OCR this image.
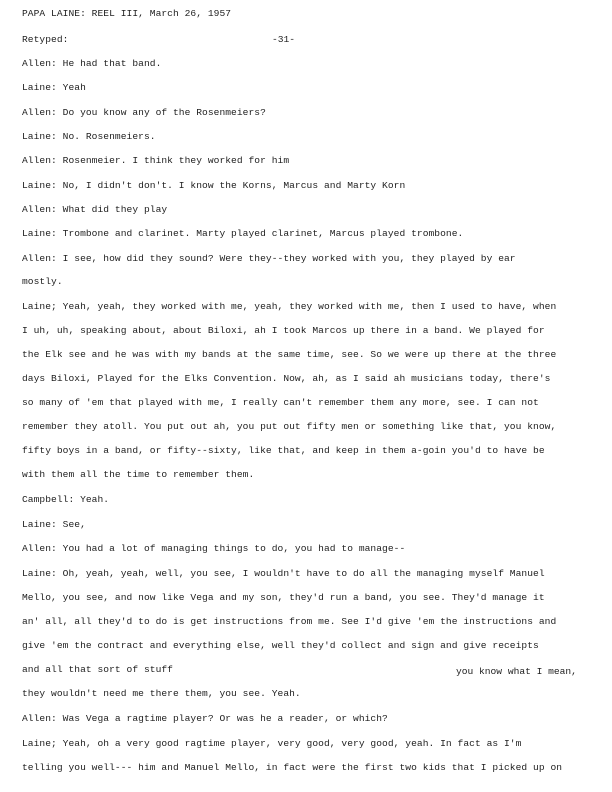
PAPA LAINE: REEL III, March 26, 1957
Retyped:	-31-
Allen: He had that band.
Laine: Yeah
Allen: Do you know any of the Rosenmeiers?
Laine: No. Rosenmeiers.
Allen: Rosenmeier. I think they worked for him
Laine: No, I didn't don't. I know the Korns, Marcus and Marty Korn
Allen: What did they play
Laine: Trombone and clarinet. Marty played clarinet, Marcus played trombone.
Allen: I see, how did they sound? Were they--they worked with you, they played by ear
mostly.
Laine; Yeah, yeah, they worked with me, yeah, they worked with me, then I used to have, when
I uh, uh, speaking about, about Biloxi, ah I took Marcos up there in a band. We played for
the Elk see and he was with my bands at the same time, see. So we were up there at the three
days Biloxi, Played for the Elks Convention. Now, ah, as I said ah musicians today, there's
so many of 'em that played with me, I really can't remember them any more, see. I can not
remember they atoll. You put out ah, you put out fifty men or something like that, you know,
fifty boys in a band, or fifty--sixty, like that, and keep in them a-goin you'd to have be
with them all the time to remember them.
Campbell: Yeah.
Laine: See,
Allen: You had a lot of managing things to do, you had to manage--
Laine: Oh, yeah, yeah, well, you see, I wouldn't have to do all the managing myself Manuel
Mello, you see, and now like Vega and my son, they'd run a band, you see. They'd manage it
an' all, all they'd to do is get instructions from me. See I'd give 'em the instructions and
give 'em the contract and everything else, well they'd collect and sign and give receipts
and all that sort of stuff	you know what I mean,
they wouldn't need me there them, you see. Yeah.
Allen: Was Vega a ragtime player? Or was he a reader, or which?
Laine; Yeah, oh a very good ragtime player, very good, very good, yeah. In fact as I'm
telling you well--- him and Manuel Mello, in fact were the first two kids that I picked up on
